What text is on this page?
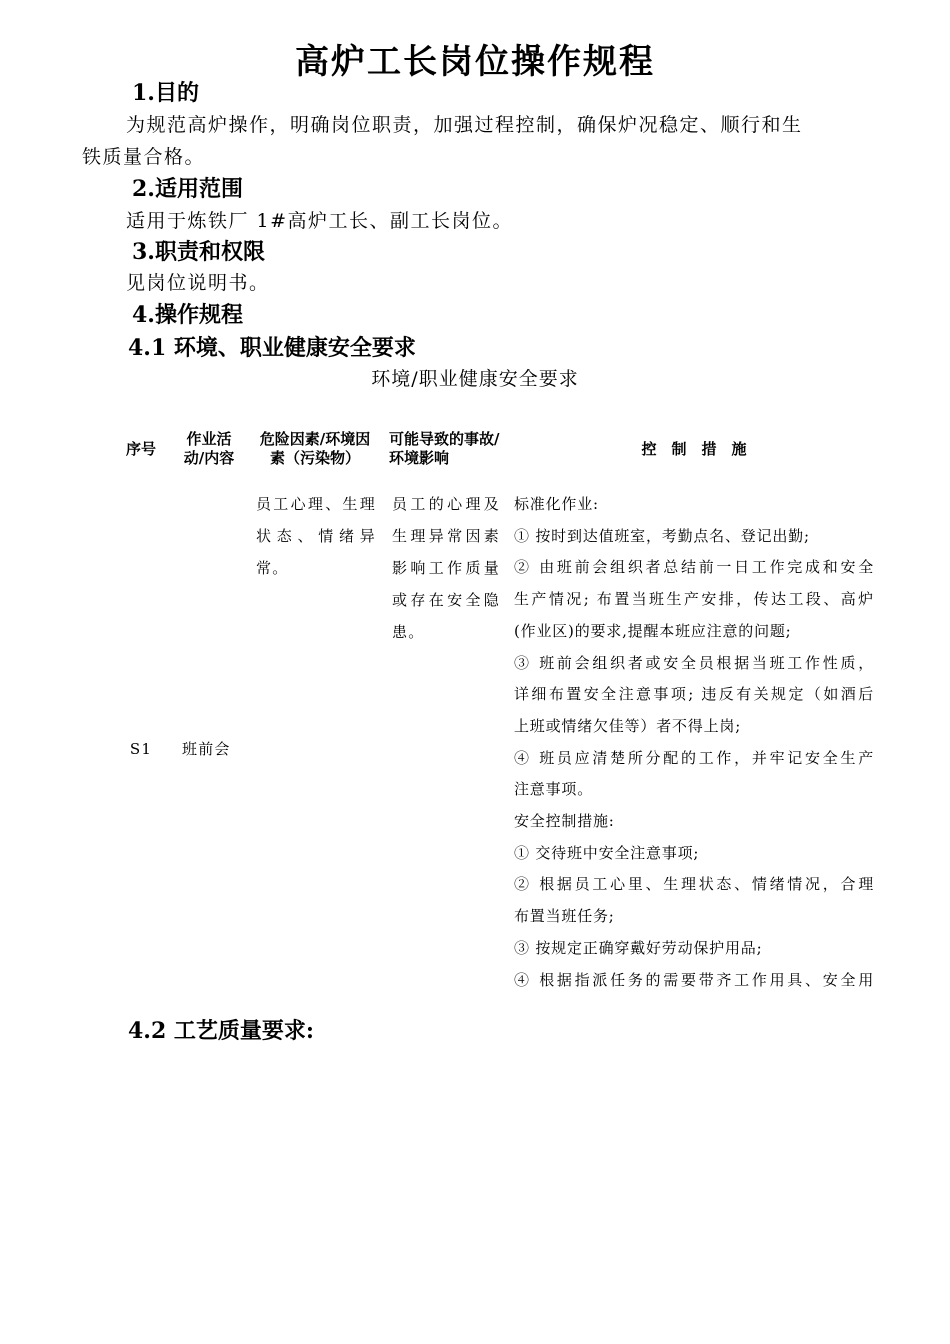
高炉工长岗位操作规程
1.目的
为规范高炉操作，明确岗位职责，加强过程控制，确保炉况稳定、顺行和生
铁质量合格。
2.适用范围
适用于炼铁厂 1#高炉工长、副工长岗位。
3.职责和权限
见岗位说明书。
4.操作规程
4.1 环境、职业健康安全要求
环境/职业健康安全要求
序号
作业活动/内容
危险因素/环境因素（污染物）
可能导致的事故/环境影响	控　制　措　施
S1	班前会
员工心理、生理状态、情绪异常。
员工的心理及生理异常因素影响工作质量或存在安全隐患。
标准化作业:
① 按时到达值班室，考勤点名、登记出勤;
② 由班前会组织者总结前一日工作完成和安全
生产情况; 布置当班生产安排，传达工段、高炉
(作业区)的要求,提醒本班应注意的问题;
③ 班前会组织者或安全员根据当班工作性质，
详细布置安全注意事项; 违反有关规定（如酒后
上班或情绪欠佳等）者不得上岗;
④ 班员应清楚所分配的工作，并牢记安全生产
注意事项。
安全控制措施:
① 交待班中安全注意事项;
② 根据员工心里、生理状态、情绪情况，合理
布置当班任务;
③ 按规定正确穿戴好劳动保护用品;
④ 根据指派任务的需要带齐工作用具、安全用
4.2 工艺质量要求:
